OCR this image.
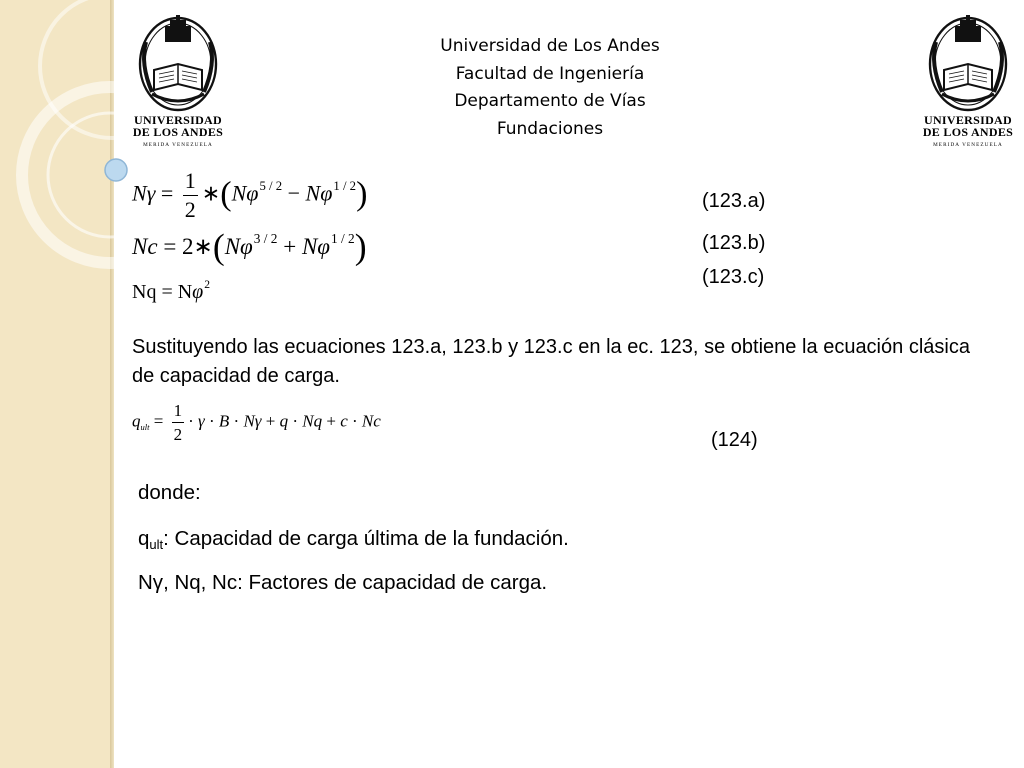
UNIVERSIDAD
DE LOS ANDES
MERIDA VENEZUELA
UNIVERSIDAD
DE LOS ANDES
MERIDA VENEZUELA
Universidad de Los Andes
Facultad de Ingeniería
Departamento de Vías
Fundaciones
$N\gamma = \frac{1}{2}$ $∗(N\varphi^{5 / 2} - N\varphi^{1 / 2})$	(123.a)
$Nc = 2∗(N\varphi^{3 / 2} + N\varphi^{1 / 2})$	(123.b)
$Nq = N\varphi^2$	(123.c)
Sustituyendo las ecuaciones 123.a, 123.b y 123.c en la ec. 123, se obtiene la ecuación clásica de capacidad de carga.
$q_{ult} = \frac{1}{2} \cdot \gamma \cdot B \cdot N\gamma + q \cdot Nq + c \cdot Nc$
(124)
donde:
$q_{ult}$: Capacidad de carga última de la fundación.
Nγ, Nq, Nc: Factores de capacidad de carga.
